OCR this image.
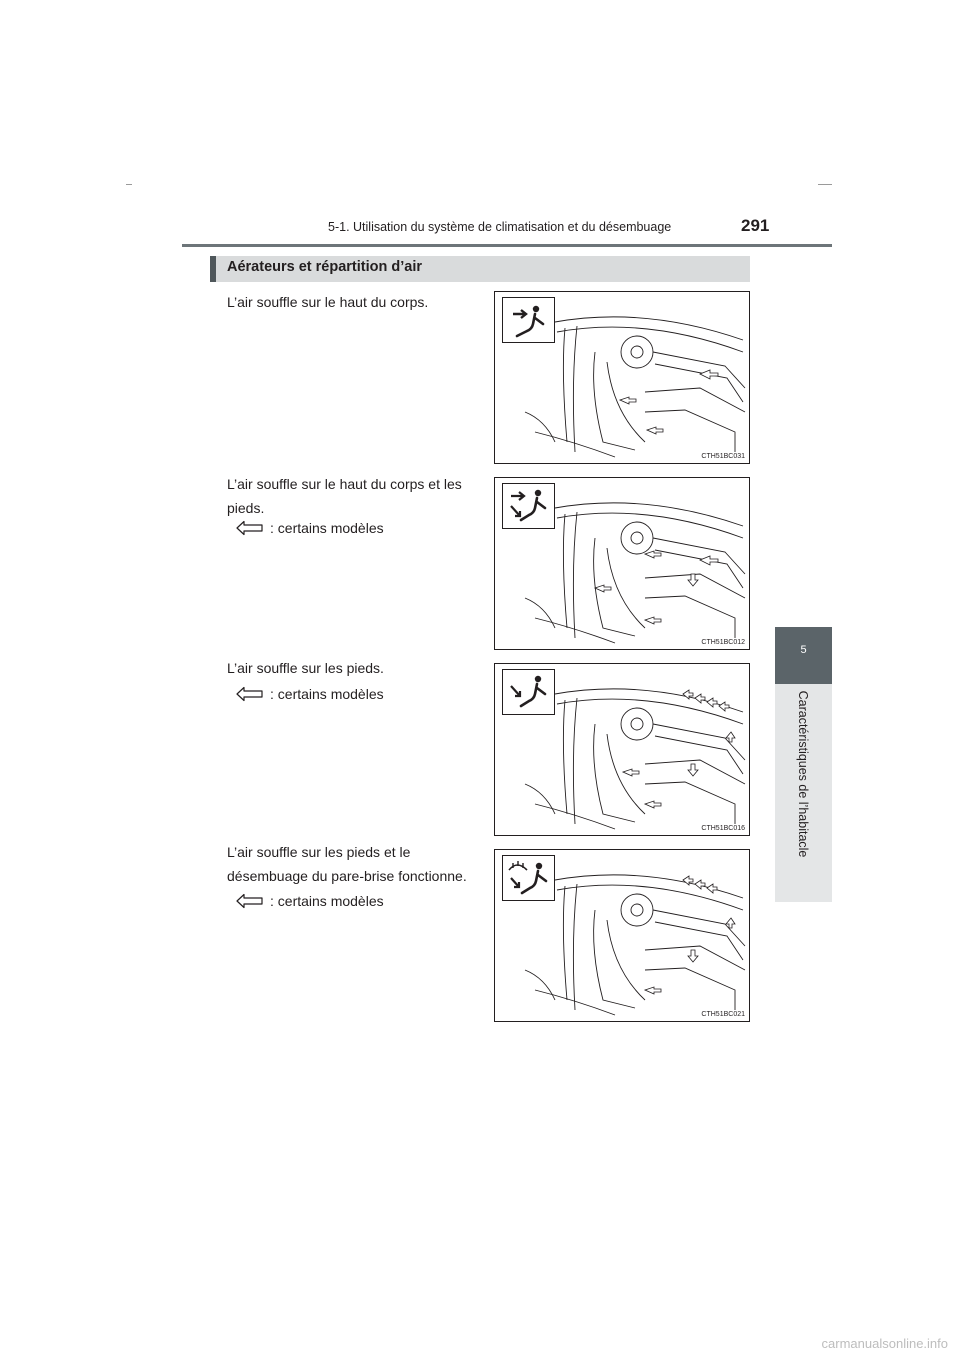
5-1. Utilisation du système de climatisation et du désembuage	291
5
Caractéristiques de l’habitacle
Aérateurs et répartition d’air
L’air souffle sur le haut du corps.
L’air souffle sur le haut du corps et les pieds.
L’air souffle sur les pieds.
L’air souffle sur les pieds et le désembuage du pare-brise fonctionne.
: certains modèles
: certains modèles
: certains modèles
CTH51BC031
CTH51BC012
CTH51BC016
CTH51BC021
carmanualsonline.info
